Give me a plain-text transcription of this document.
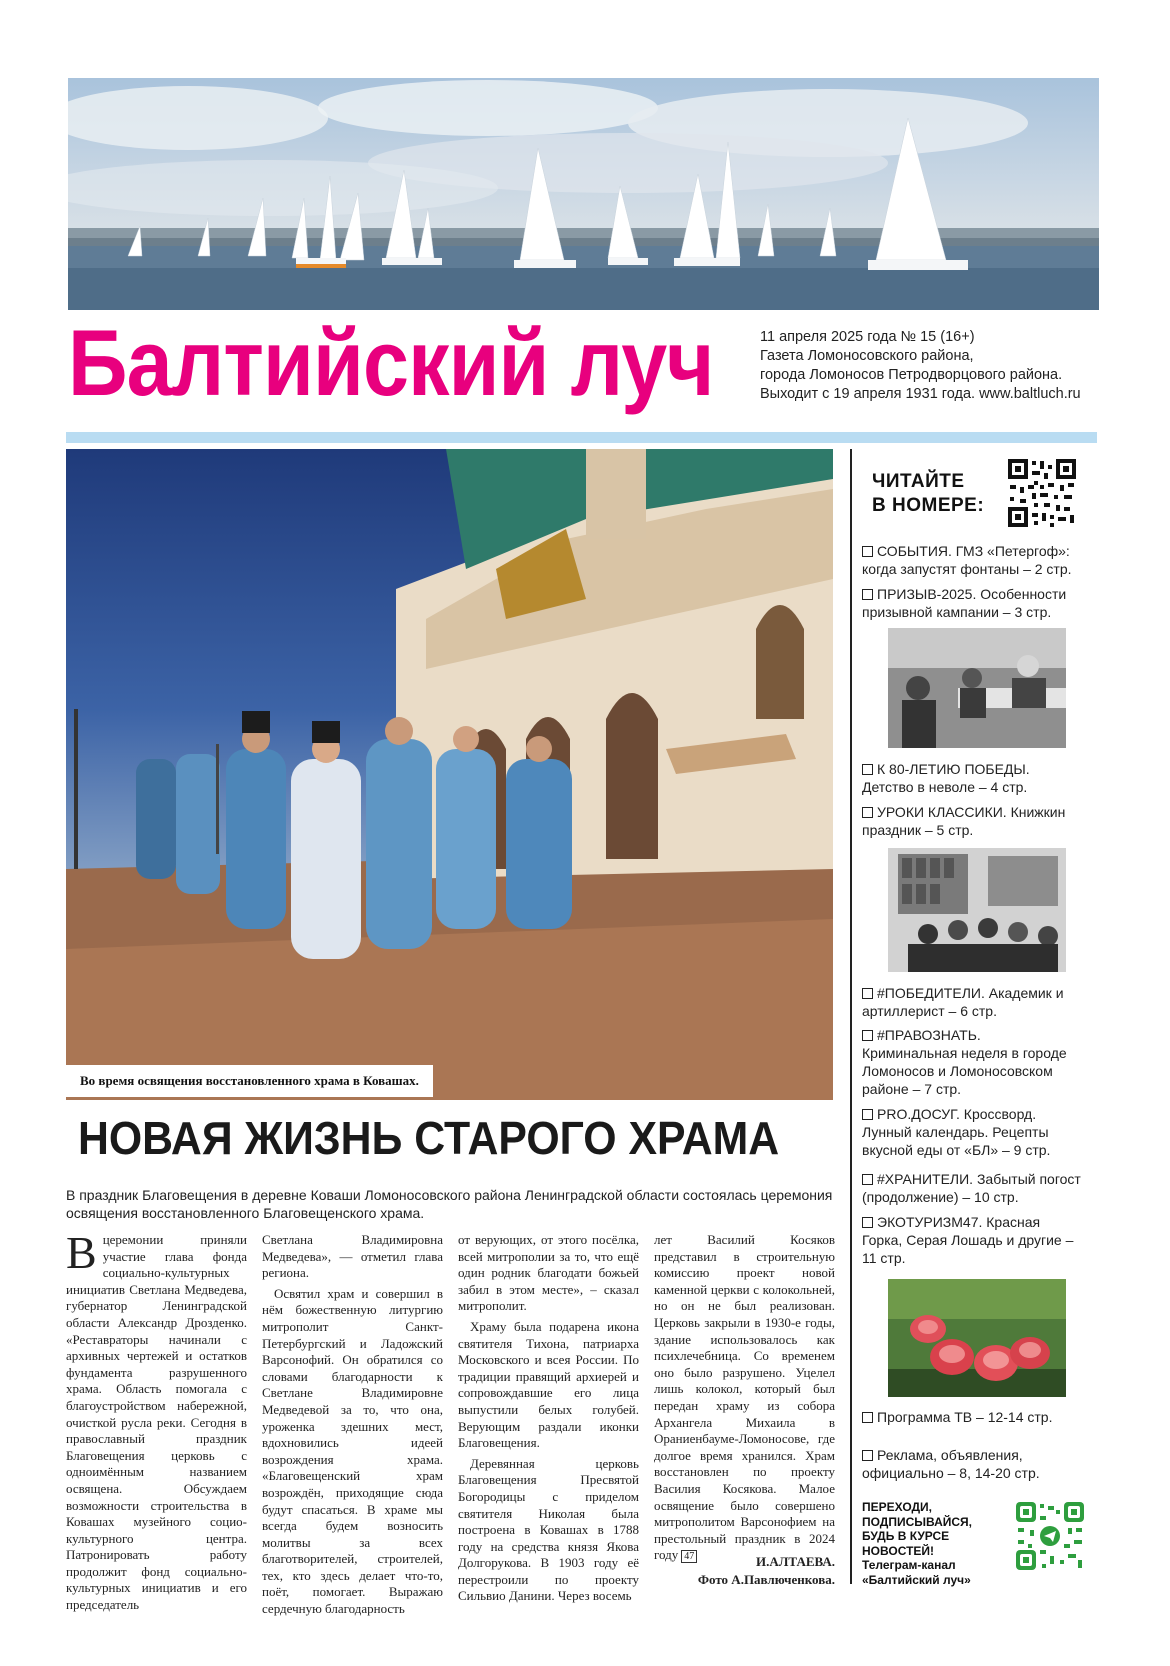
Балтийский луч	11 апреля 2025 года № 15 (16+)
Газета Ломоносовского района,
города Ломоносов Петродворцового района.
Выходит с 19 апреля 1931 года. www.baltluch.ru
Во время освящения восстановленного храма в Ковашах.
НОВАЯ ЖИЗНЬ СТАРОГО ХРАМА
В праздник Благовещения в деревне Коваши Ломоносовского района Ленинградской области состоялась церемония освящения восстановленного Благовещенского храма.

Вцеремонии приняли участие глава фонда социально-культурных инициатив Светлана Медведева, губернатор Ленинградской области Александр Дрозденко. «Реставраторы начинали с архивных чертежей и остатков фундамента разрушенного храма. Область помогала с благоустройством набережной, очисткой русла реки. Сегодня в православный праздник Благовещения церковь с одноимённым названием освящена. Обсуждаем возможности строительства в Ковашах музейного социо-культурного центра. Патронировать работу продолжит фонд социально-культурных инициатив и его председатель

Светлана Владимировна Медведева», — отметил глава региона.

Освятил храм и совершил в нём божественную литургию митрополит Санкт-Петербургский и Ладожский Варсонофий. Он обратился со словами благодарности к Светлане Владимировне Медведевой за то, что она, уроженка здешних мест, вдохновились идеей возрождения храма. «Благовещенский храм возрождён, приходящие сюда будут спасаться. В храме мы всегда будем возносить молитвы за всех благотворителей, строителей, тех, кто здесь делает что-то, поёт, помогает. Выражаю сердечную благодарность

от верующих, от этого посёлка, всей митрополии за то, что ещё один родник благодати божьей забил в этом месте», – сказал митрополит.

Храму была подарена икона святителя Тихона, патриарха Московского и всея России. По традиции правящий архиерей и сопровождавшие его лица выпустили белых голубей. Верующим раздали иконки Благовещения.

Деревянная церковь Благовещения Пресвятой Богородицы с приделом святителя Николая была построена в Ковашах в 1788 году на средства князя Якова Долгорукова. В 1903 году её перестроили по проекту Сильвио Данини. Через восемь

лет Василий Косяков представил в строительную комиссию проект новой каменной церкви с колокольней, но он не был реализован. Церковь закрыли в 1930-е годы, здание использовалось как психлечебница. Со временем оно было разрушено. Уцелел лишь колокол, который был передан храму из собора Архангела Михаила в Ораниенбауме-Ломоносове, где долгое время хранился. Храм восстановлен по проекту Василия Косякова. Малое освящение было совершено митрополитом Варсонофием на престольный праздник в 2024 году 47	И.АЛТАЕВА.
Фото А.Павлюченкова.
ЧИТАЙТЕ
В НОМЕРЕ:
СОБЫТИЯ. ГМЗ «Петергоф»:
когда запустят фонтаны – 2 стр.
ПРИЗЫВ-2025. Особенности
призывной кампании – 3 стр.
К 80-ЛЕТИЮ ПОБЕДЫ.
Детство в неволе – 4 стр.
УРОКИ КЛАССИКИ. Книжкин
праздник – 5 стр.
#ПОБЕДИТЕЛИ. Академик и
артиллерист – 6 стр.
#ПРАВОЗНАТЬ.
Криминальная неделя в городе
Ломоносов и Ломоносовском
районе – 7 стр.
PRO.ДОСУГ. Кроссворд.
Лунный календарь. Рецепты
вкусной еды от «БЛ» – 9 стр.
#ХРАНИТЕЛИ. Забытый погост
(продолжение) – 10 стр.
ЭКОТУРИЗМ47. Красная
Горка, Серая Лошадь и другие –
11 стр.
Программа ТВ – 12-14 стр.
Реклама, объявления,
официально – 8, 14-20 стр.
ПЕРЕХОДИ,
ПОДПИСЫВАЙСЯ,
БУДЬ В КУРСЕ
НОВОСТЕЙ!
Телеграм-канал
«Балтийский луч»
